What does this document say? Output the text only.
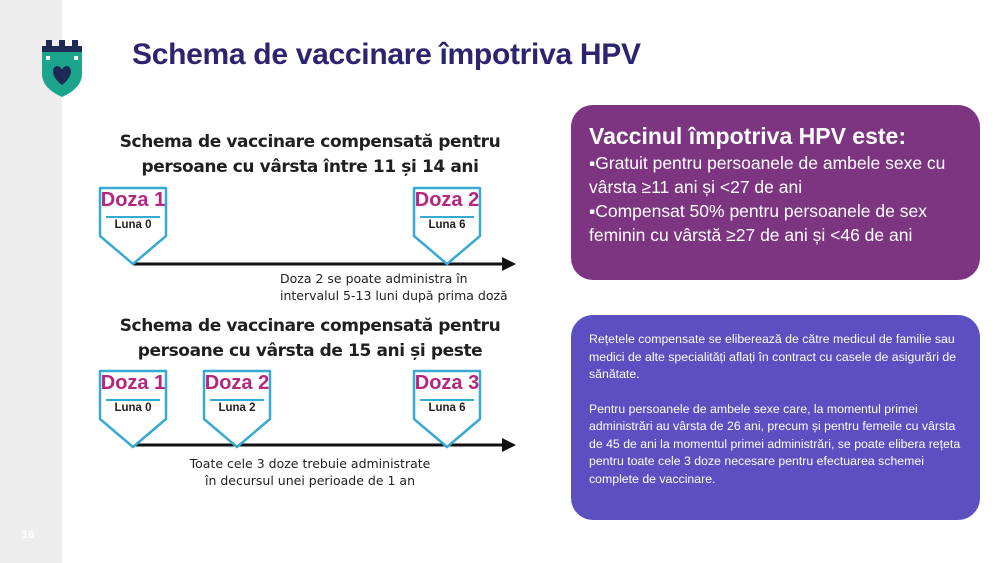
16
Schema de vaccinare împotriva HPV
Schema de vaccinare compensată pentru
persoane cu vârsta între 11 și 14 ani
Doza 1
Luna 0
Doza 2
Luna 6
Doza 2 se poate administra în
intervalul 5-13 luni după prima doză
Schema de vaccinare compensată pentru
persoane cu vârsta de 15 ani și peste
Doza 1
Luna 0
Doza 2
Luna 2
Doza 3
Luna 6
Toate cele 3 doze trebuie administrate
în decursul unei perioade de 1 an
Vaccinul împotriva HPV este:
▪Gratuit pentru persoanele de ambele sexe cu vârsta ≥11 ani și <27 de ani
▪Compensat 50% pentru persoanele de sex feminin cu vârstă ≥27 de ani și <46 de ani

Rețetele compensate se eliberează de către medicul de familie sau medici de alte specialități aflați în contract cu casele de asigurări de sănătate.

Pentru persoanele de ambele sexe care, la momentul primei administrări au vârsta de 26 ani, precum și pentru femeile cu vârsta de 45 de ani la momentul primei administrări, se poate elibera rețeta pentru toate cele 3 doze necesare pentru efectuarea schemei complete de vaccinare.
